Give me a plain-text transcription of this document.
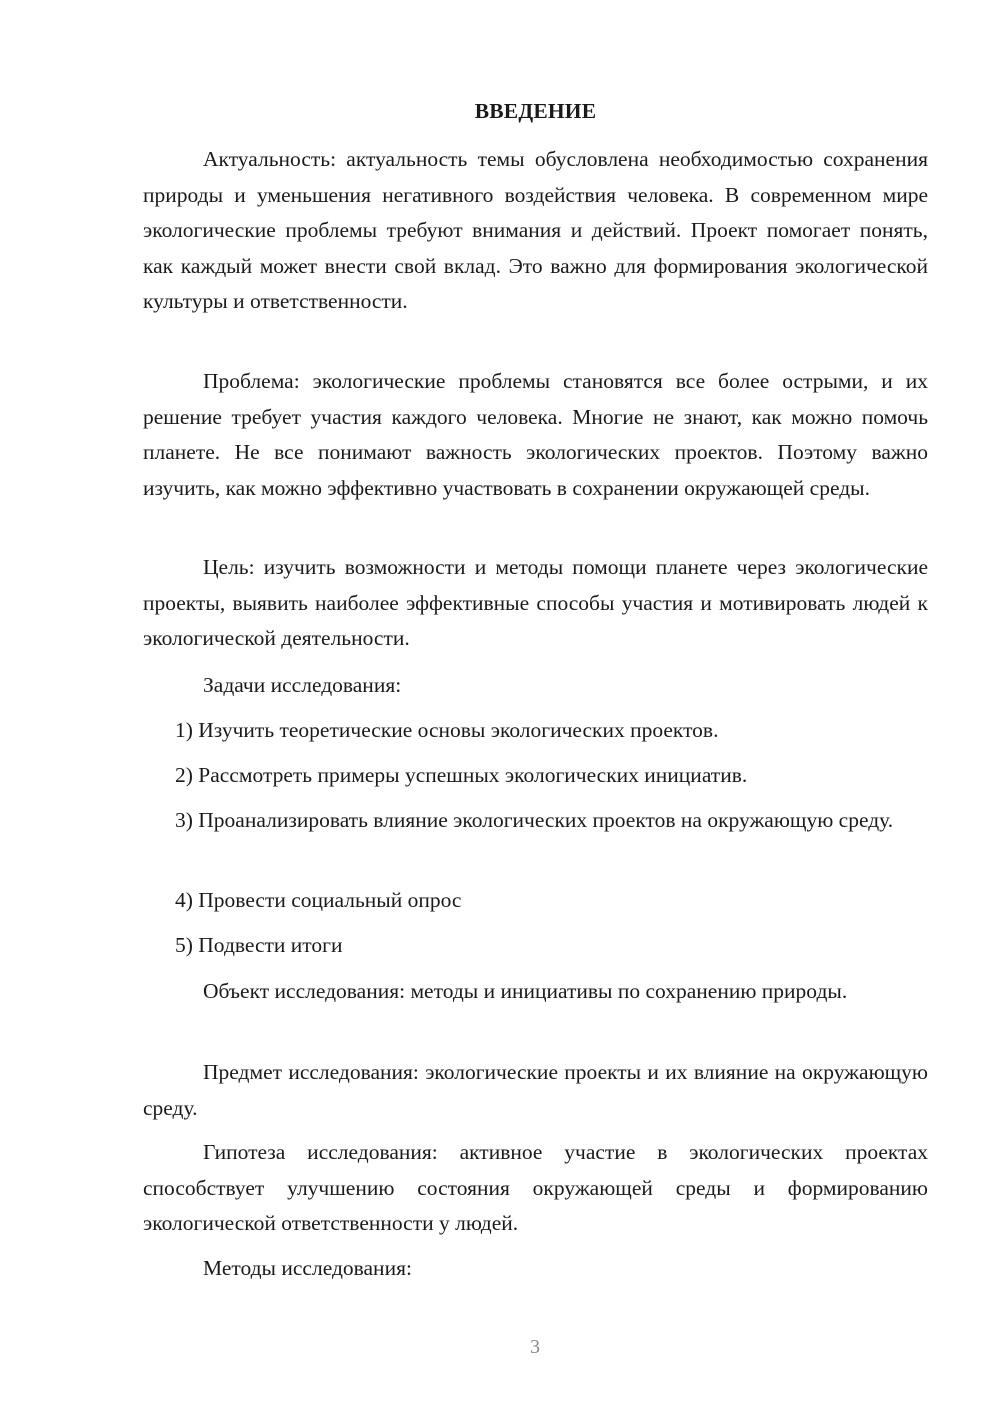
ВВЕДЕНИЕ

Актуальность: актуальность темы обусловлена необходимостью сохранения природы и уменьшения негативного воздействия человека. В современном мире экологические проблемы требуют внимания и действий. Проект помогает понять, как каждый может внести свой вклад. Это важно для формирования экологической культуры и ответственности.

Проблема: экологические проблемы становятся все более острыми, и их решение требует участия каждого человека. Многие не знают, как можно помочь планете. Не все понимают важность экологических проектов. Поэтому важно изучить, как можно эффективно участвовать в сохранении окружающей среды.

Цель: изучить возможности и методы помощи планете через экологические проекты, выявить наиболее эффективные способы участия и мотивировать людей к экологической деятельности.

Задачи исследования:

1) Изучить теоретические основы экологических проектов.

2) Рассмотреть примеры успешных экологических инициатив.

3) Проанализировать влияние экологических проектов на окружающую среду.

4) Провести социальный опрос

5) Подвести итоги

Объект исследования: методы и инициативы по сохранению природы.

Предмет исследования: экологические проекты и их влияние на окружающую среду.

Гипотеза исследования: активное участие в экологических проектах способствует улучшению состояния окружающей среды и формированию экологической ответственности у людей.

Методы исследования:

3
